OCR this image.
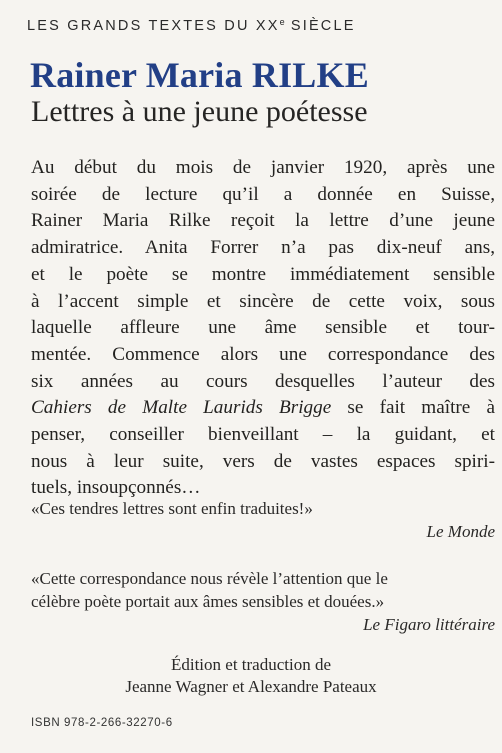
LES GRANDS TEXTES DU XXe SIÈCLE
Rainer Maria RILKE
Lettres à une jeune poétesse
Au début du mois de janvier 1920, après une
soirée de lecture qu’il a donnée en Suisse,
Rainer Maria Rilke reçoit la lettre d’une jeune
admiratrice. Anita Forrer n’a pas dix-neuf ans,
et le poète se montre immédiatement sensible
à l’accent simple et sincère de cette voix, sous
laquelle affleure une âme sensible et tour-
mentée. Commence alors une correspondance des
six années au cours desquelles l’auteur des
Cahiers de Malte Laurids Brigge se fait maître à
penser, conseiller bienveillant – la guidant, et
nous à leur suite, vers de vastes espaces spiri-
tuels, insoupçonnés…
«Ces tendres lettres sont enfin traduites!»
Le Monde
«Cette correspondance nous révèle l’attention que le
célèbre poète portait aux âmes sensibles et douées.»
Le Figaro littéraire
Édition et traduction de
Jeanne Wagner et Alexandre Pateaux
ISBN 978-2-266-32270-6
